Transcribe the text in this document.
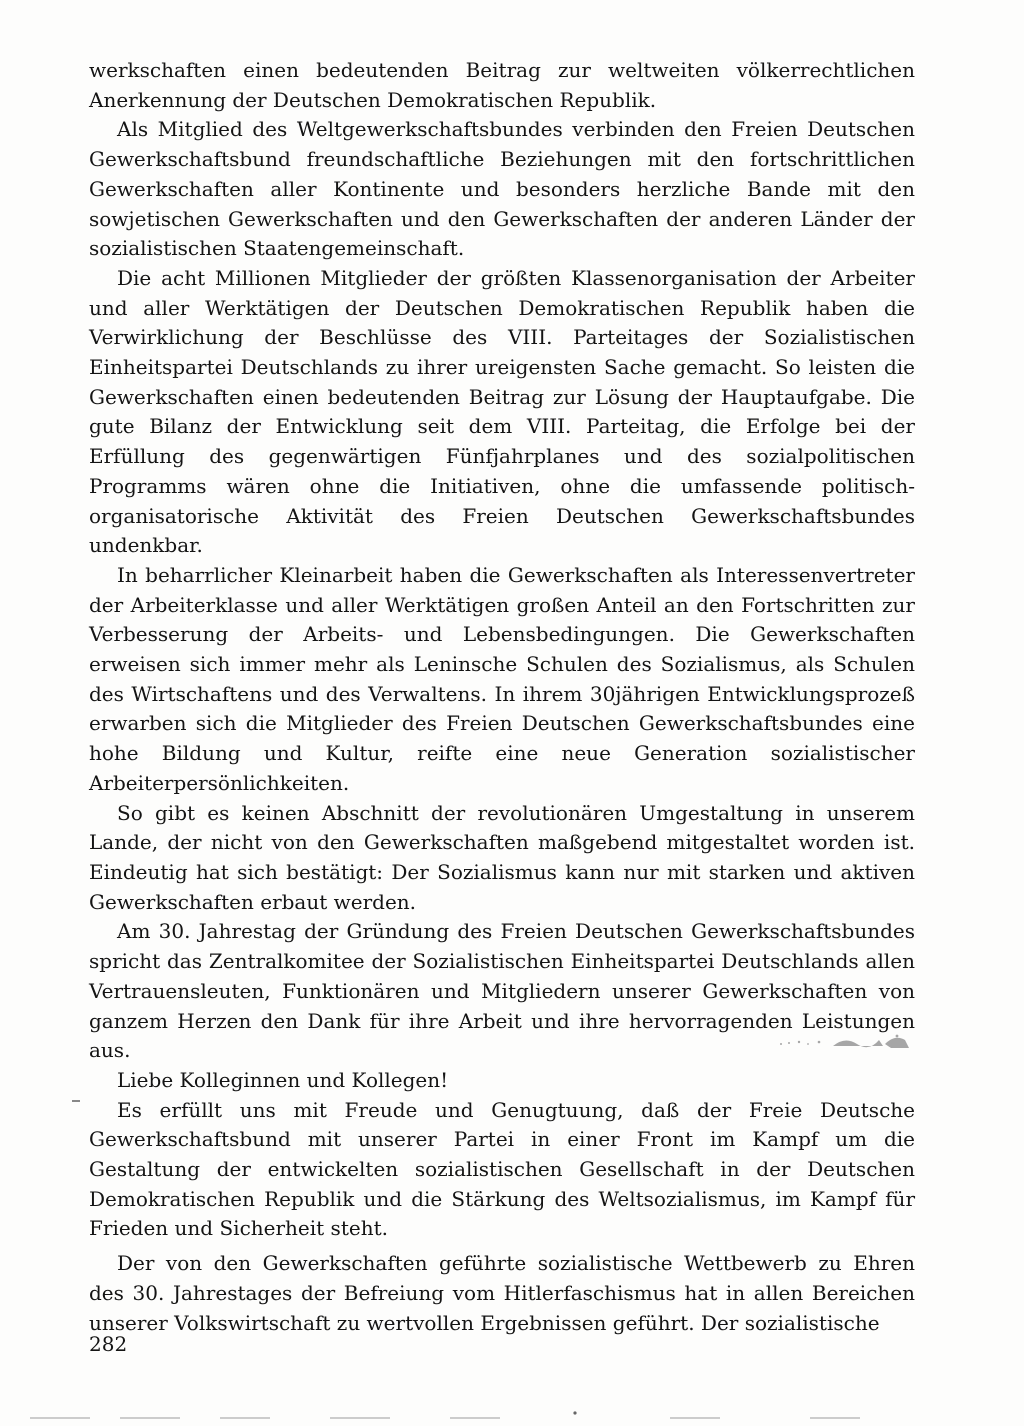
werkschaften einen bedeutenden Beitrag zur weltweiten völkerrechtlichen Anerkennung der Deutschen Demokratischen Republik.

Als Mitglied des Weltgewerkschaftsbundes verbinden den Freien Deutschen Gewerkschaftsbund freundschaftliche Beziehungen mit den fortschrittlichen Gewerkschaften aller Kontinente und besonders herzliche Bande mit den sowjetischen Gewerkschaften und den Gewerkschaften der anderen Länder der sozialistischen Staatengemeinschaft.

Die acht Millionen Mitglieder der größten Klassenorganisation der Arbeiter und aller Werktätigen der Deutschen Demokratischen Republik haben die Verwirklichung der Beschlüsse des VIII. Parteitages der Sozialistischen Einheitspartei Deutschlands zu ihrer ureigensten Sache gemacht. So leisten die Gewerkschaften einen bedeutenden Beitrag zur Lösung der Hauptaufgabe. Die gute Bilanz der Entwicklung seit dem VIII. Parteitag, die Erfolge bei der Erfüllung des gegenwärtigen Fünfjahrplanes und des sozialpolitischen Programms wären ohne die Initiativen, ohne die umfassende politisch-organisatorische Aktivität des Freien Deutschen Gewerkschaftsbundes undenkbar.

In beharrlicher Kleinarbeit haben die Gewerkschaften als Interessenvertreter der Arbeiterklasse und aller Werktätigen großen Anteil an den Fortschritten zur Verbesserung der Arbeits- und Lebensbedingungen. Die Gewerkschaften erweisen sich immer mehr als Leninsche Schulen des Sozialismus, als Schulen des Wirtschaftens und des Verwaltens. In ihrem 30jährigen Entwicklungsprozeß erwarben sich die Mitglieder des Freien Deutschen Gewerkschaftsbundes eine hohe Bildung und Kultur, reifte eine neue Generation sozialistischer Arbeiterpersönlichkeiten.

So gibt es keinen Abschnitt der revolutionären Umgestaltung in unserem Lande, der nicht von den Gewerkschaften maßgebend mitgestaltet worden ist. Eindeutig hat sich bestätigt: Der Sozialismus kann nur mit starken und aktiven Gewerkschaften erbaut werden.

Am 30. Jahrestag der Gründung des Freien Deutschen Gewerkschaftsbundes spricht das Zentralkomitee der Sozialistischen Einheitspartei Deutschlands allen Vertrauensleuten, Funktionären und Mitgliedern unserer Gewerkschaften von ganzem Herzen den Dank für ihre Arbeit und ihre hervorragenden Leistungen aus.

Liebe Kolleginnen und Kollegen!

Es erfüllt uns mit Freude und Genugtuung, daß der Freie Deutsche Gewerkschaftsbund mit unserer Partei in einer Front im Kampf um die Gestaltung der entwickelten sozialistischen Gesellschaft in der Deutschen Demokratischen Republik und die Stärkung des Weltsozialismus, im Kampf für Frieden und Sicherheit steht.

Der von den Gewerkschaften geführte sozialistische Wettbewerb zu Ehren des 30. Jahrestages der Befreiung vom Hitlerfaschismus hat in allen Bereichen unserer Volkswirtschaft zu wertvollen Ergebnissen geführt. Der sozialistische

282
